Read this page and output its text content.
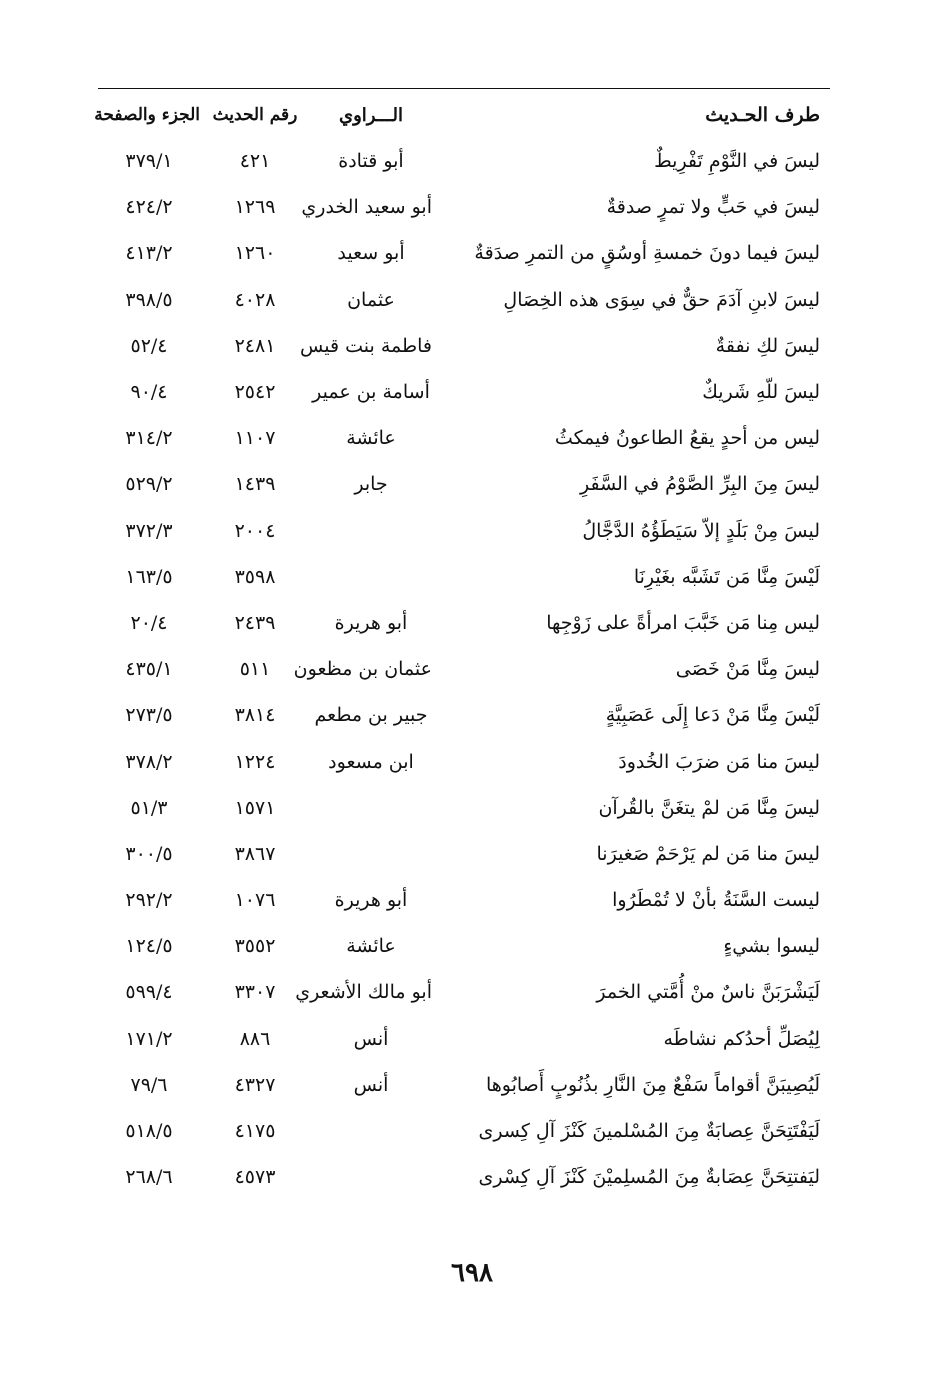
طرف الحـديث
الـــراوي
رقم الحديث
الجزء والصفحة
ليسَ في النَّوْمِ تَفْرِيطٌ
أبو قتادة
٤٢١
٣٧٩/١
ليسَ في حَبٍّ ولا تمرٍ صدقةٌ
أبو سعيد الخدري
١٢٦٩
٤٢٤/٢
ليسَ فيما دونَ خمسةِ أوسُقٍ من التمرِ صدَقةٌ
أبو سعيد
١٢٦٠
٤١٣/٢
ليسَ لابنِ آدَمَ حقٌّ في سِوَى هذه الخِصَالِ
عثمان
٤٠٢٨
٣٩٨/٥
ليسَ لكِ نفقةٌ
فاطمة بنت قيس
٢٤٨١
٥٢/٤
ليسَ للّهِ شَريكٌ
أسامة بن عمير
٢٥٤٢
٩٠/٤
ليس من أحدٍ يقعُ الطاعونُ فيمكثُ
عائشة
١١٠٧
٣١٤/٢
ليسَ مِنَ البِرِّ الصَّوْمُ في السَّفَرِ
جابر
١٤٣٩
٥٢٩/٢
ليسَ مِنْ بَلَدٍ إلاّ سَيَطَؤُهُ الدَّجَّالُ
٢٠٠٤
٣٧٢/٣
لَيْسَ مِنَّا مَن تَشَبَّه بغَيْرِنَا
٣٥٩٨
١٦٣/٥
ليس مِنا مَن خَبَّبَ امرأةً على زَوْجِها
أبو هريرة
٢٤٣٩
٢٠/٤
ليسَ مِنَّا مَنْ خَصَى
عثمان بن مظعون
٥١١
٤٣٥/١
لَيْسَ مِنَّا مَنْ دَعا إِلَى عَصَبِيَّةٍ
جبير بن مطعم
٣٨١٤
٢٧٣/٥
ليسَ منا مَن ضرَبَ الخُدودَ
ابن مسعود
١٢٢٤
٣٧٨/٢
ليسَ مِنَّا مَن لمْ يتغَنَّ بالقُرآن
١٥٧١
٥١/٣
ليسَ منا مَن لم يَرْحَمْ صَغيرَنا
٣٨٦٧
٣٠٠/٥
ليست السَّنَةُ بأنْ لا تُمْطَرُوا
أبو هريرة
١٠٧٦
٢٩٢/٢
ليسوا بشيءٍ
عائشة
٣٥٥٢
١٢٤/٥
لَيَشْرَبَنَّ ناسٌ منْ أُمَّتي الخمرَ
أبو مالك الأشعري
٣٣٠٧
٥٩٩/٤
لِيُصَلِّ أحدُكم نشاطَه
أنس
٨٨٦
١٧١/٢
لَيُصِيبَنَّ أقواماً سَفْعٌ مِنَ النَّارِ بذُنُوبٍ أَصابُوها
أنس
٤٣٢٧
٧٩/٦
لَيَفْتَتِحَنَّ عِصابَةٌ مِنَ المُسْلمينَ كَنْزَ آلِ كِسرى
٤١٧٥
٥١٨/٥
ليَفتتِحَنَّ عِصَابةٌ مِنَ المُسلِميْنَ كَنْزَ آلِ كِسْرى
٤٥٧٣
٢٦٨/٦
٦٩٨
